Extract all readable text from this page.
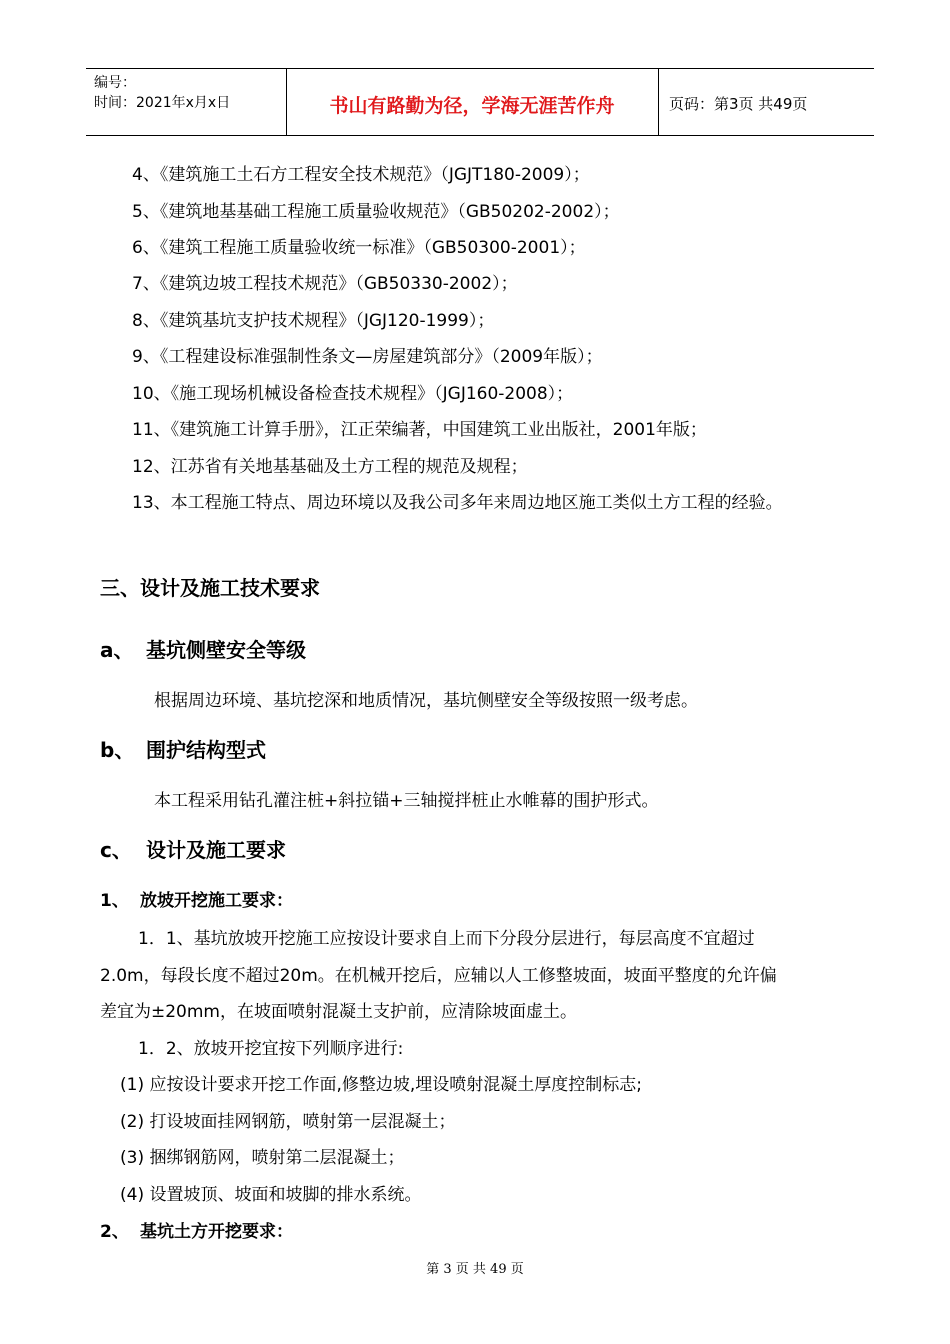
编号：
时间：2021年x月x日	书山有路勤为径，学海无涯苦作舟	页码：第3页 共49页
4、《建筑施工土石方工程安全技术规范》（JGJT180-2009）；
5、《建筑地基基础工程施工质量验收规范》（GB50202-2002）；
6、《建筑工程施工质量验收统一标准》（GB50300-2001）；
7、《建筑边坡工程技术规范》（GB50330-2002）；
8、《建筑基坑支护技术规程》（JGJ120-1999）；
9、《工程建设标准强制性条文—房屋建筑部分》（2009年版）；
10、《施工现场机械设备检查技术规程》（JGJ160-2008）；
11、《建筑施工计算手册》，江正荣编著，中国建筑工业出版社，2001年版；
12、江苏省有关地基基础及土方工程的规范及规程；
13、本工程施工特点、周边环境以及我公司多年来周边地区施工类似土方工程的经验。
三、设计及施工技术要求
a、 基坑侧壁安全等级
根据周边环境、基坑挖深和地质情况，基坑侧壁安全等级按照一级考虑。
b、 围护结构型式
本工程采用钻孔灌注桩+斜拉锚+三轴搅拌桩止水帷幕的围护形式。
c、 设计及施工要求
1、 放坡开挖施工要求：
1．1、基坑放坡开挖施工应按设计要求自上而下分段分层进行，每层高度不宜超过
2.0m，每段长度不超过20m。在机械开挖后，应辅以人工修整坡面，坡面平整度的允许偏
差宜为±20mm，在坡面喷射混凝土支护前，应清除坡面虚土。
1．2、放坡开挖宜按下列顺序进行:
(1) 应按设计要求开挖工作面,修整边坡,埋设喷射混凝土厚度控制标志;
(2) 打设坡面挂网钢筋，喷射第一层混凝土；
(3) 捆绑钢筋网，喷射第二层混凝土；
(4) 设置坡顶、坡面和坡脚的排水系统。
2、 基坑土方开挖要求：
第 3 页 共 49 页
